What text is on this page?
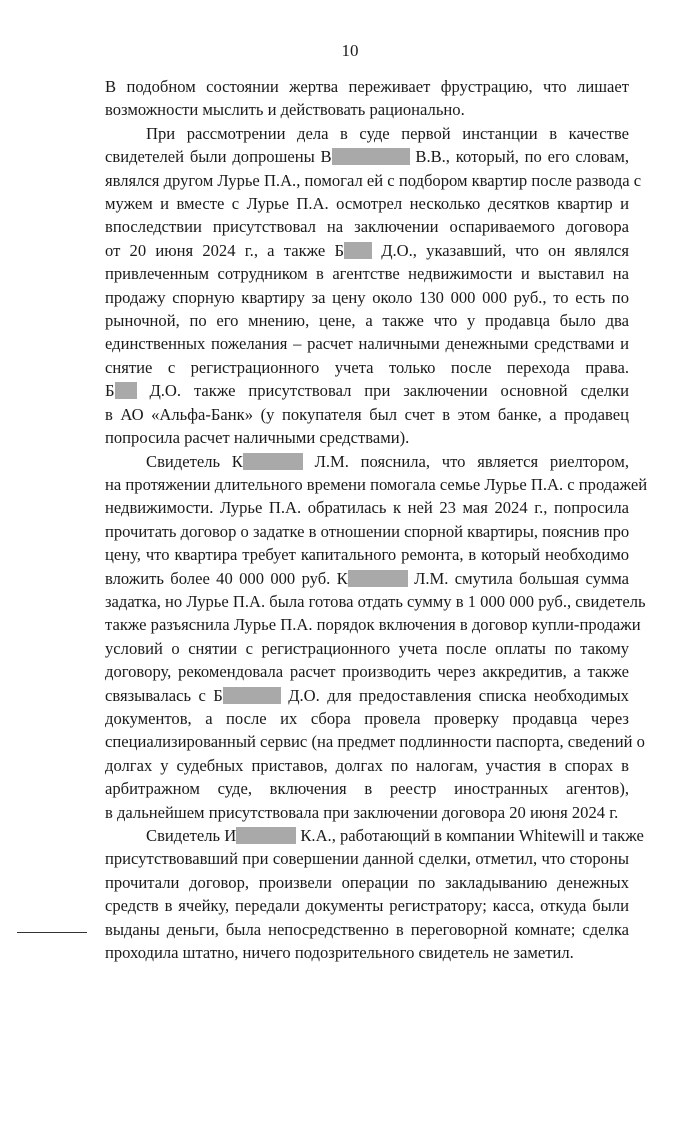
10
В подобном состоянии жертва переживает фрустрацию, что лишает
возможности мыслить и действовать рационально.
При рассмотрении дела в суде первой инстанции в качестве
свидетелей были допрошены В	В.В., который, по его словам,
являлся другом Лурье П.А., помогал ей с подбором квартир после развода с
мужем и вместе с Лурье П.А. осмотрел несколько десятков квартир и
впоследствии присутствовал на заключении оспариваемого договора
от 20 июня 2024 г., а также Б Д.О., указавший, что он являлся
привлеченным сотрудником в агентстве недвижимости и выставил на
продажу спорную квартиру за цену около 130 000 000 руб., то есть по
рыночной, по его мнению, цене, а также что у продавца было два
единственных пожелания – расчет наличными денежными средствами и
снятие с регистрационного учета только после перехода права.
Б Д.О. также присутствовал при заключении основной сделки
в АО «Альфа-Банк» (у покупателя был счет в этом банке, а продавец
попросила расчет наличными средствами).
Свидетель К	Л.М. пояснила, что является риелтором,
на протяжении длительного времени помогала семье Лурье П.А. с продажей
недвижимости. Лурье П.А. обратилась к ней 23 мая 2024 г., попросила
прочитать договор о задатке в отношении спорной квартиры, пояснив про
цену, что квартира требует капитального ремонта, в который необходимо
вложить более 40 000 000 руб. К	Л.М. смутила большая сумма
задатка, но Лурье П.А. была готова отдать сумму в 1 000 000 руб., свидетель
также разъяснила Лурье П.А. порядок включения в договор купли-продажи
условий о снятии с регистрационного учета после оплаты по такому
договору, рекомендовала расчет производить через аккредитив, а также
связывалась с Б	Д.О. для предоставления списка необходимых
документов, а после их сбора провела проверку продавца через
специализированный сервис (на предмет подлинности паспорта, сведений о
долгах у судебных приставов, долгах по налогам, участия в спорах в
арбитражном суде, включения в реестр иностранных агентов),
в дальнейшем присутствовала при заключении договора 20 июня 2024 г.
Свидетель И	К.А., работающий в компании Whitewill и также
присутствовавший при совершении данной сделки, отметил, что стороны
прочитали договор, произвели операции по закладыванию денежных
средств в ячейку, передали документы регистратору; касса, откуда были
выданы деньги, была непосредственно в переговорной комнате; сделка
проходила штатно, ничего подозрительного свидетель не заметил.
